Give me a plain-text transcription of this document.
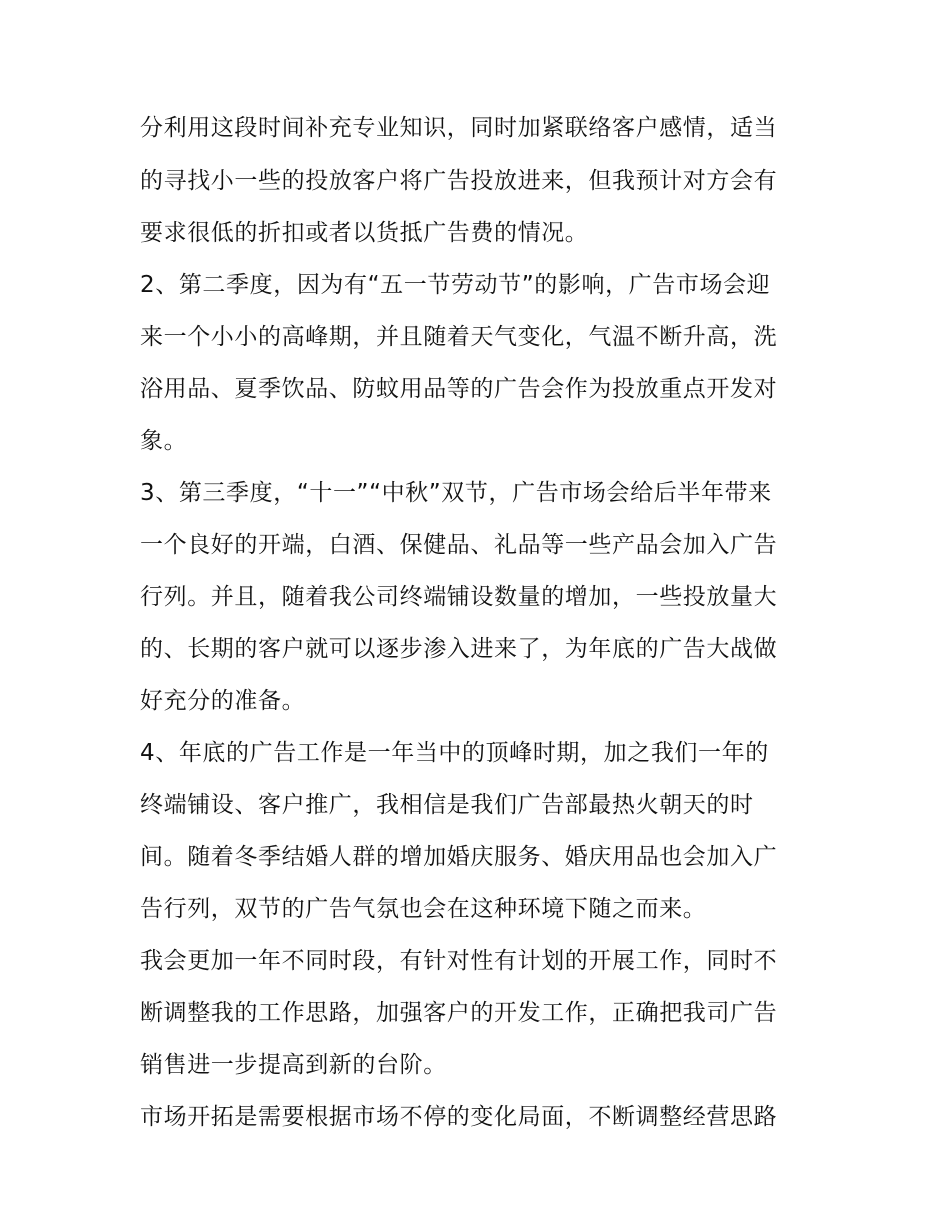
分利用这段时间补充专业知识，同时加紧联络客户感情，适当
的寻找小一些的投放客户将广告投放进来，但我预计对方会有
要求很低的折扣或者以货抵广告费的情况。
2、第二季度，因为有“五一节劳动节”的影响，广告市场会迎
来一个小小的高峰期，并且随着天气变化，气温不断升高，洗
浴用品、夏季饮品、防蚊用品等的广告会作为投放重点开发对
象。
3、第三季度，“十一”“中秋”双节，广告市场会给后半年带来
一个良好的开端，白酒、保健品、礼品等一些产品会加入广告
行列。并且，随着我公司终端铺设数量的增加，一些投放量大
的、长期的客户就可以逐步渗入进来了，为年底的广告大战做
好充分的准备。
4、年底的广告工作是一年当中的顶峰时期，加之我们一年的
终端铺设、客户推广，我相信是我们广告部最热火朝天的时
间。随着冬季结婚人群的增加婚庆服务、婚庆用品也会加入广
告行列，双节的广告气氛也会在这种环境下随之而来。
我会更加一年不同时段，有针对性有计划的开展工作，同时不
断调整我的工作思路，加强客户的开发工作，正确把我司广告
销售进一步提高到新的台阶。
市场开拓是需要根据市场不停的变化局面，不断调整经营思路
